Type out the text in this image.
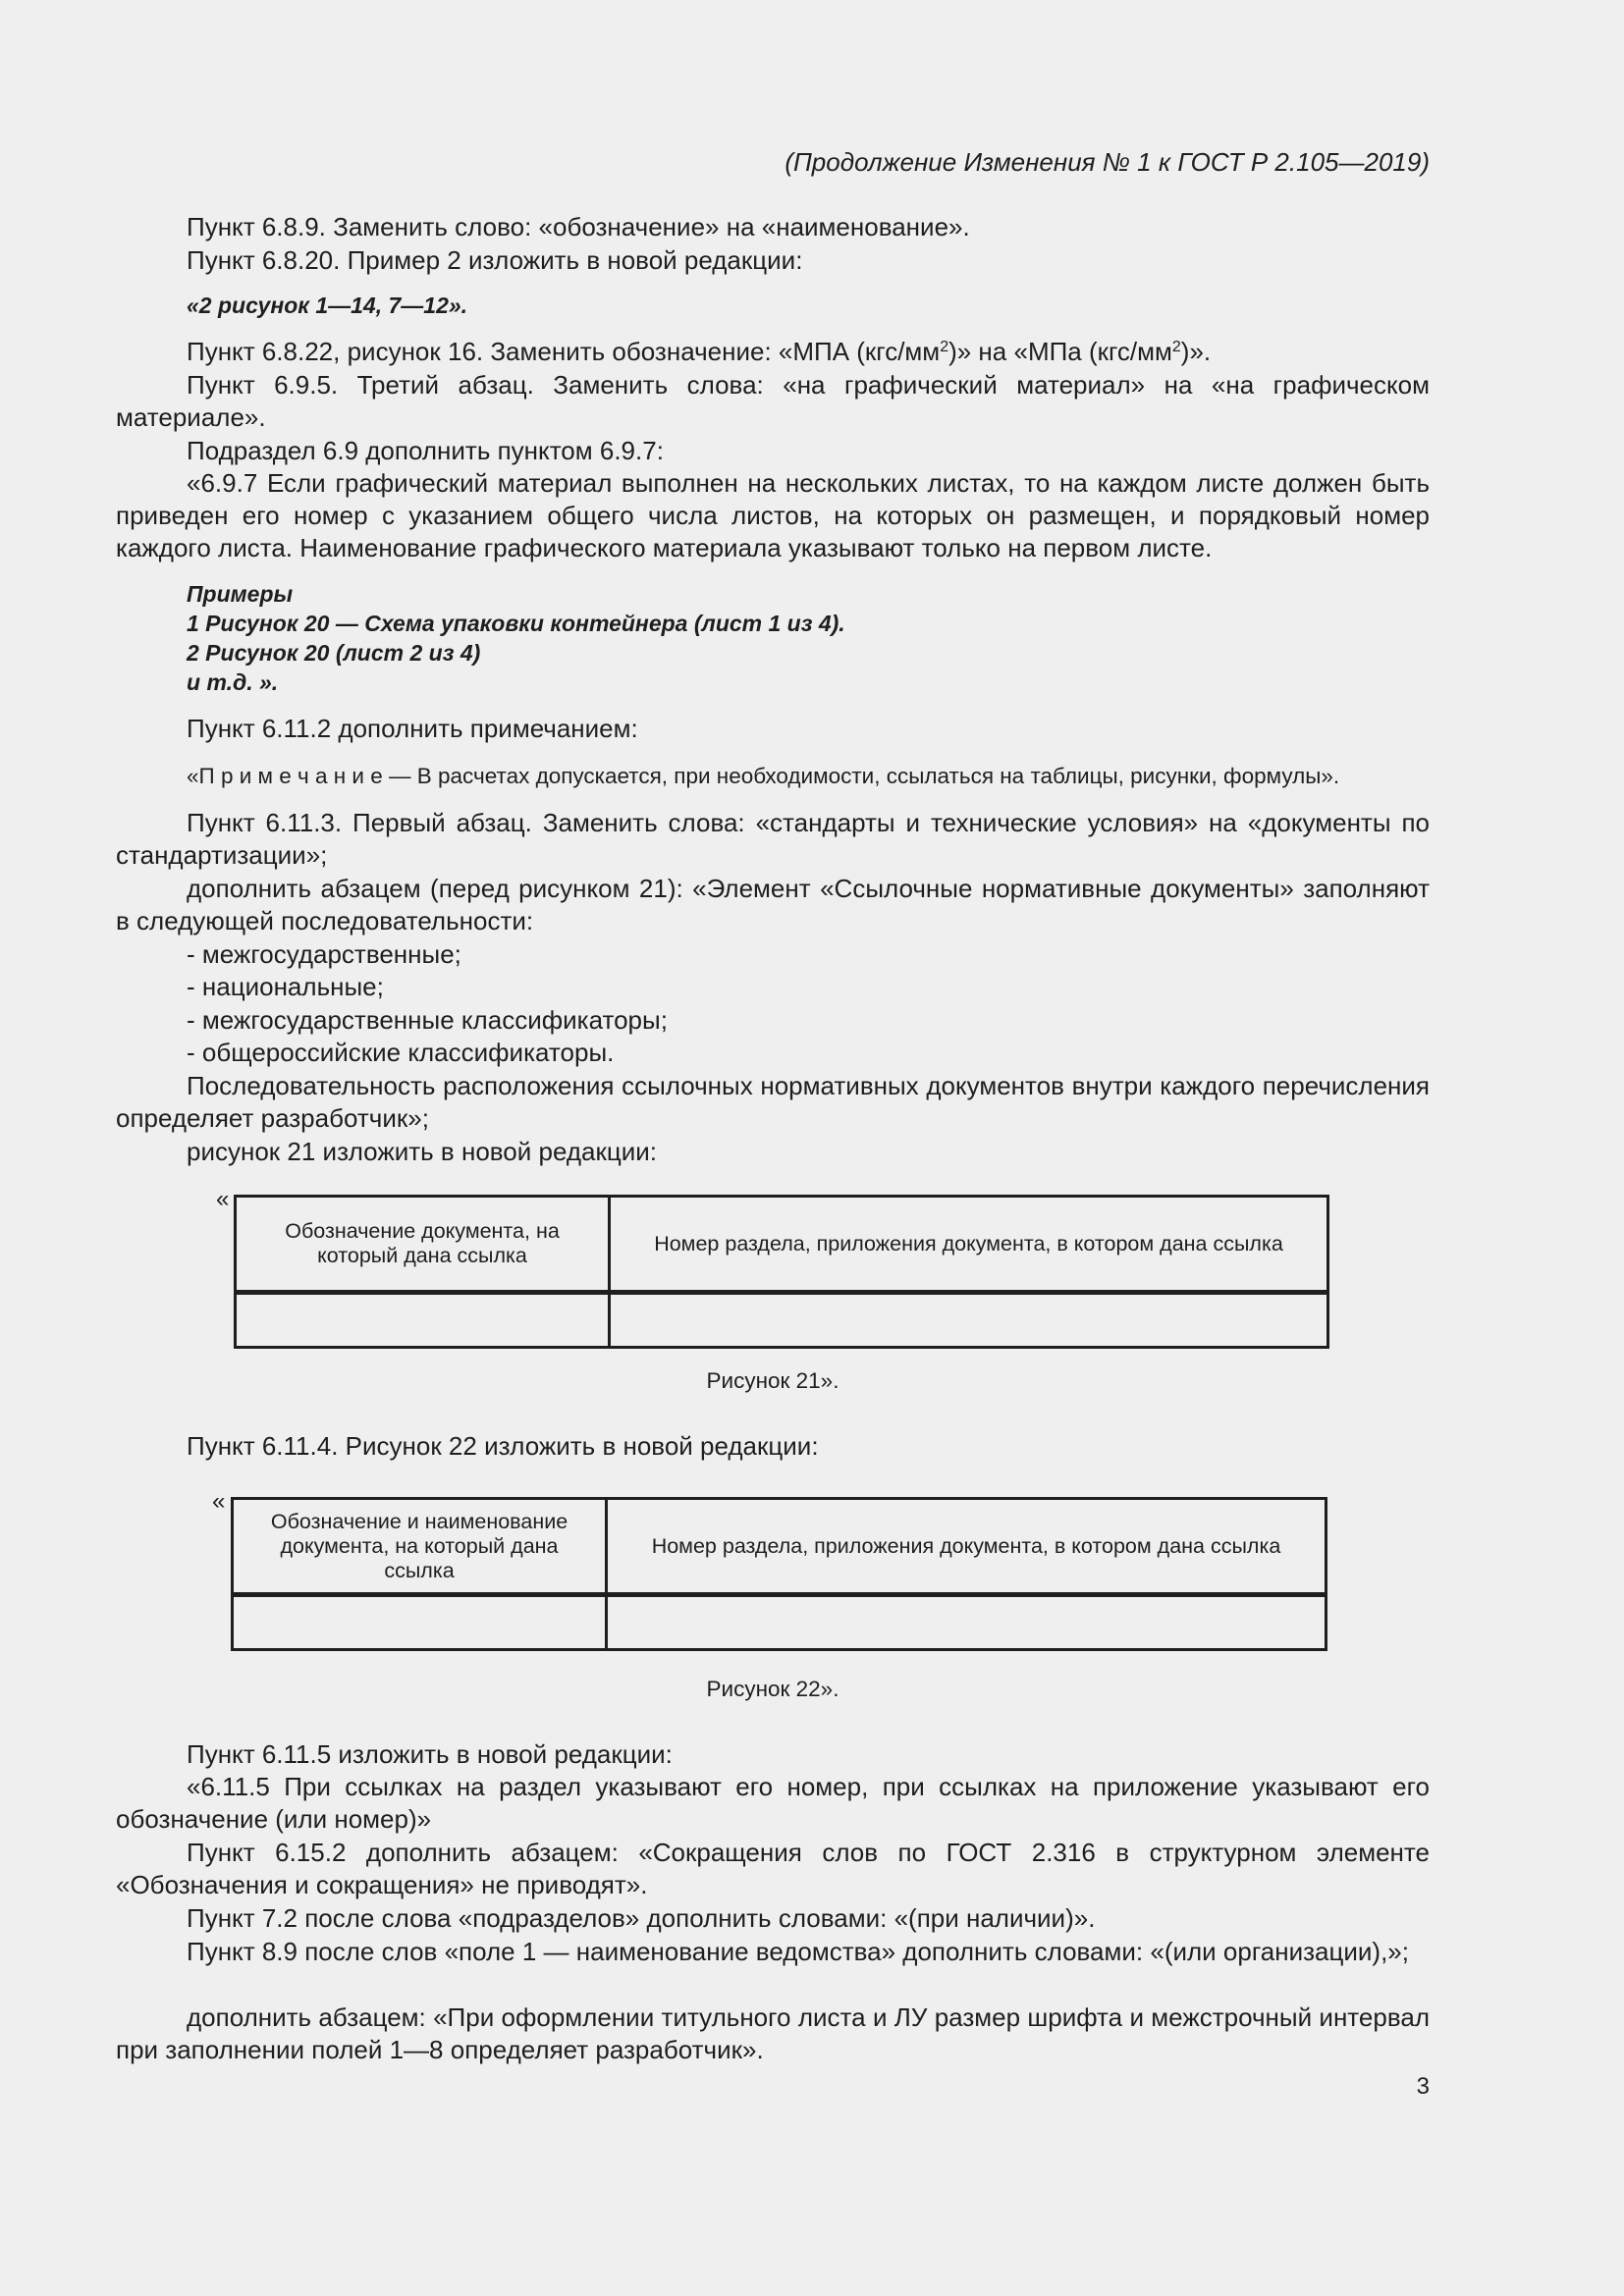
(Продолжение Изменения № 1 к ГОСТ Р 2.105—2019)
Пункт 6.8.9. Заменить слово: «обозначение» на «наименование».
Пункт 6.8.20. Пример 2 изложить в новой редакции:
«2 рисунок 1—14, 7—12».
Пункт 6.8.22, рисунок 16. Заменить обозначение: «МПА $(кгс/мм^2)$» на «МПа $(кгс/мм^2)$».
Пункт 6.9.5. Третий абзац. Заменить слова: «на графический материал» на «на графическом материале».
Подраздел 6.9 дополнить пунктом 6.9.7:
«6.9.7 Если графический материал выполнен на нескольких листах, то на каждом листе должен быть приведен его номер с указанием общего числа листов, на которых он размещен, и порядковый номер каждого листа. Наименование графического материала указывают только на первом листе.
Примеры
1 Рисунок 20 — Схема упаковки контейнера (лист 1 из 4).
2 Рисунок 20 (лист 2 из 4)
и т.д. ».
Пункт 6.11.2 дополнить примечанием:
«П р и м е ч а н и е — В расчетах допускается, при необходимости, ссылаться на таблицы, рисунки, формулы».
Пункт 6.11.3. Первый абзац. Заменить слова: «стандарты и технические условия» на «документы по стандартизации»;
дополнить абзацем (перед рисунком 21): «Элемент «Ссылочные нормативные документы» заполняют в следующей последовательности:
- межгосударственные;
- национальные;
- межгосударственные классификаторы;
- общероссийские классификаторы.
Последовательность расположения ссылочных нормативных документов внутри каждого перечисления определяет разработчик»;
рисунок 21 изложить в новой редакции:
«
Обозначение документа, на который дана ссылка	Номер раздела, приложения документа, в котором дана ссылка

Рисунок 21».
Пункт 6.11.4. Рисунок 22 изложить в новой редакции:
«
Обозначение и наименование документа, на который дана ссылка	Номер раздела, приложения документа, в котором дана ссылка

Рисунок 22».
Пункт 6.11.5 изложить в новой редакции:
«6.11.5 При ссылках на раздел указывают его номер, при ссылках на приложение указывают его обозначение (или номер)»
Пункт 6.15.2 дополнить абзацем: «Сокращения слов по ГОСТ 2.316 в структурном элементе «Обозначения и сокращения» не приводят».
Пункт 7.2 после слова «подразделов» дополнить словами: «(при наличии)».
Пункт 8.9 после слов «поле 1 — наименование ведомства» дополнить словами: «(или организации),»;
дополнить абзацем: «При оформлении титульного листа и ЛУ размер шрифта и межстрочный интервал при заполнении полей 1—8 определяет разработчик».
3
